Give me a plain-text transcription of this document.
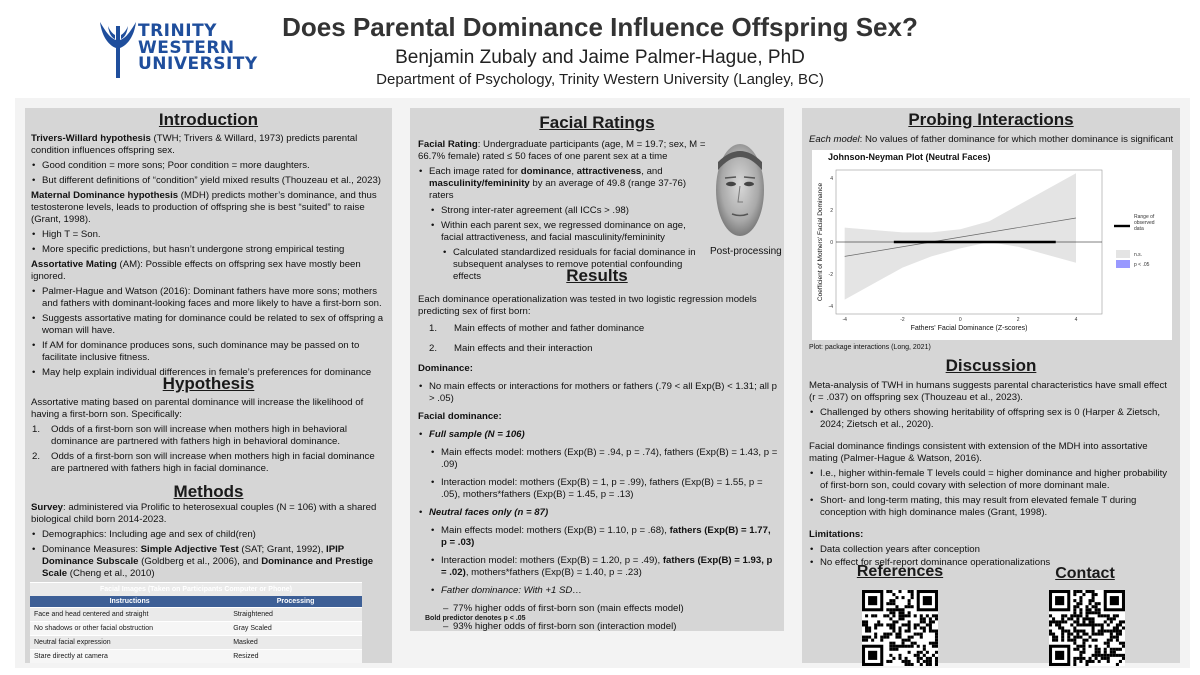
TRINITY
WESTERN
UNIVERSITY
Does Parental Dominance Influence Offspring Sex?
Benjamin Zubaly and Jaime Palmer-Hague, PhD
Department of Psychology, Trinity Western University (Langley, BC)
Introduction

Trivers-Willard hypothesis (TWH; Trivers & Willard, 1973) predicts parental condition influences offspring sex.

• Good condition = more sons; Poor condition = more daughters.
• But different definitions of “condition” yield mixed results (Thouzeau et al., 2023)

Maternal Dominance hypothesis (MDH) predicts mother’s dominance, and thus testosterone levels, leads to production of offspring she is best “suited” to raise (Grant, 1998).

• High T = Son.
• More specific predictions, but hasn’t undergone strong empirical testing

Assortative Mating (AM): Possible effects on offspring sex have mostly been ignored.

• Palmer-Hague and Watson (2016): Dominant fathers have more sons; mothers and fathers with dominant-looking faces and more likely to have a first-born son.
• Suggests assortative mating for dominance could be related to sex of offspring a woman will have.
• If AM for dominance produces sons, such dominance may be passed on to facilitate inclusive fitness.
• May help explain individual differences in female’s preferences for dominance
Hypothesis

Assortative mating based on parental dominance will increase the likelihood of having a first-born son. Specifically:

1. Odds of a first-born son will increase when mothers high in behavioral dominance are partnered with fathers high in behavioral dominance.
2. Odds of a first-born son will increase when mothers high in facial dominance are partnered with fathers high in facial dominance.
Methods

Survey: administered via Prolific to heterosexual couples (N = 106) with a shared biological child born 2014-2023.

• Demographics: Including age and sex of child(ren)
• Dominance Measures: Simple Adjective Test (SAT; Grant, 1992), IPIP Dominance Subscale (Goldberg et al., 2006), and Dominance and Prestige Scale (Cheng et al., 2010)
Facial Images (Taken on Participants Computer or Phone)	
Instructions	Processing
Face and head centered and straight	Straightened
No shadows or other facial obstruction	Gray Scaled
Neutral facial expression	Masked
Stare directly at camera	Resized
Facial Ratings

Facial Rating: Undergraduate participants (age, M = 19.7; sex, M = 66.7% female) rated ≤ 50 faces of one parent sex at a time

• Each image rated for dominance, attractiveness, and masculinity/femininity by an average of 49.8 (range 37-76) raters
• Strong inter-rater agreement (all ICCs > .98)
• Within each parent sex, we regressed dominance on age, facial attractiveness, and facial masculinity/femininity
• Calculated standardized residuals for facial dominance in subsequent analyses to remove potential confounding effects
Post-processing
Results

Each dominance operationalization was tested in two logistic regression models predicting sex of first born:

1. Main effects of mother and father dominance
2. Main effects and their interaction

Dominance:

• No main effects or interactions for mothers or fathers (.79 < all Exp(B) < 1.31; all p > .05)

Facial dominance:

• Full sample (N = 106)
• Main effects model: mothers (Exp(B) = .94, p = .74), fathers (Exp(B) = 1.43, p = .09)
• Interaction model: mothers (Exp(B) = 1, p = .99), fathers (Exp(B) = 1.55, p = .05), mothers*fathers (Exp(B) = 1.45, p = .13)
• Neutral faces only (n = 87)
• Main effects model: mothers (Exp(B) = 1.10, p = .68), fathers (Exp(B) = 1.77, p = .03)
• Interaction model: mothers (Exp(B) = 1.20, p = .49), fathers (Exp(B) = 1.93, p = .02), mothers*fathers (Exp(B) = 1.40, p = .23)
• Father dominance: With +1 SD…
– 77% higher odds of first-born son (main effects model)
– 93% higher odds of first-born son (interaction model)
Bold predictor denotes p < .05
Probing Interactions

Each model: No values of father dominance for which mother dominance is significant

Johnson-Neyman Plot (Neutral Faces)
-4	-2	0	2	4
-4
-2
0
2
4
Fathers' Facial Dominance (Z-scores)
Coefficient of Mothers' Facial Dominance	Range of observed data
n.s.
p < .05
Plot: package interactions (Long, 2021)
Discussion

Meta-analysis of TWH in humans suggests parental characteristics have small effect (r = .037) on offspring sex (Thouzeau et al., 2023).

• Challenged by others showing heritability of offspring sex is 0 (Harper & Zietsch, 2024; Zietsch et al., 2020).

Facial dominance findings consistent with extension of the MDH into assortative mating (Palmer-Hague & Watson, 2016).

• I.e., higher within-female T levels could = higher dominance and higher probability of first-born son, could covary with selection of more dominant male.
• Short- and long-term mating, this may result from elevated female T during conception with high dominance males (Grant, 1998).

Limitations:

• Data collection years after conception
• No effect for self-report dominance operationalizations
References	Contact
